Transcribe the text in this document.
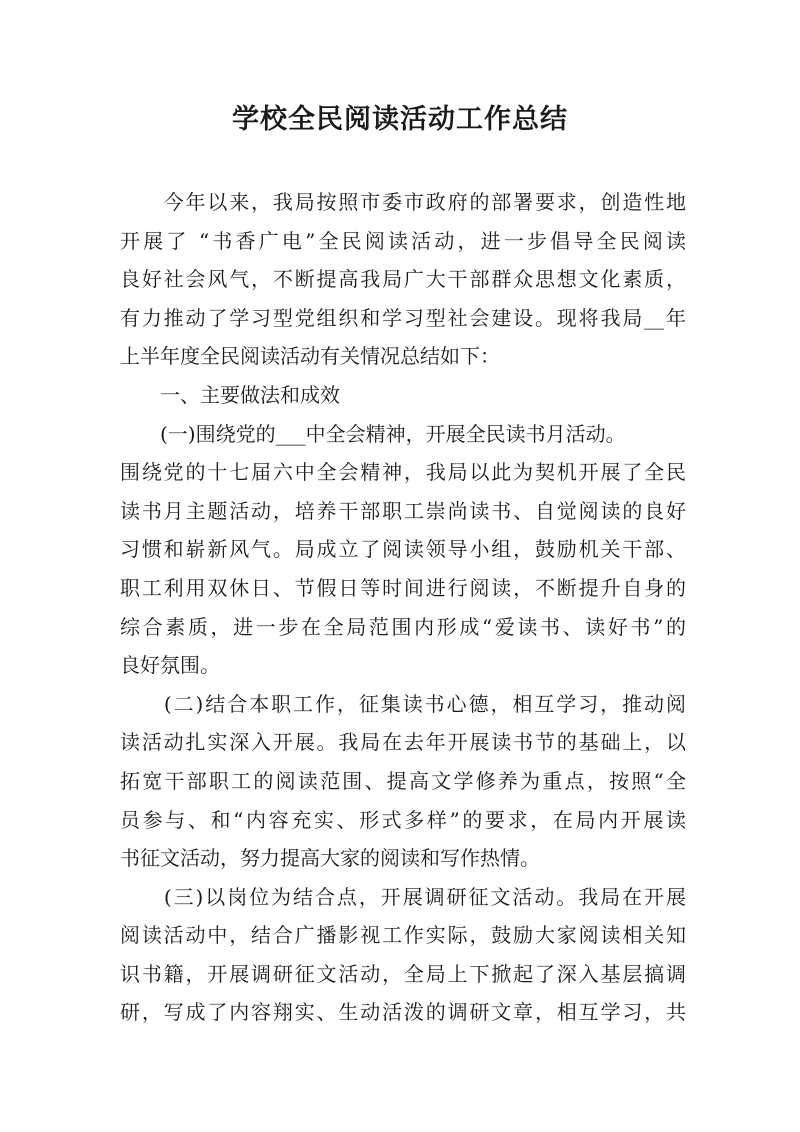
学校全民阅读活动工作总结
　　今年以来，我局按照市委市政府的部署要求，创造性地
开展了 “书香广电”全民阅读活动，进一步倡导全民阅读
良好社会风气，不断提高我局广大干部群众思想文化素质，
有力推动了学习型党组织和学习型社会建设。现将我局__年
上半年度全民阅读活动有关情况总结如下：
　　一、主要做法和成效
　　(一)围绕党的___中全会精神，开展全民读书月活动。
围绕党的十七届六中全会精神，我局以此为契机开展了全民
读书月主题活动，培养干部职工崇尚读书、自觉阅读的良好
习惯和崭新风气。局成立了阅读领导小组，鼓励机关干部、
职工利用双休日、节假日等时间进行阅读，不断提升自身的
综合素质，进一步在全局范围内形成“爱读书、读好书”的
良好氛围。
　　(二)结合本职工作，征集读书心德，相互学习，推动阅
读活动扎实深入开展。我局在去年开展读书节的基础上，以
拓宽干部职工的阅读范围、提高文学修养为重点，按照“全
员参与、和“内容充实、形式多样”的要求，在局内开展读
书征文活动，努力提高大家的阅读和写作热情。
　　(三)以岗位为结合点，开展调研征文活动。我局在开展
阅读活动中，结合广播影视工作实际，鼓励大家阅读相关知
识书籍，开展调研征文活动，全局上下掀起了深入基层搞调
研，写成了内容翔实、生动活泼的调研文章，相互学习，共
